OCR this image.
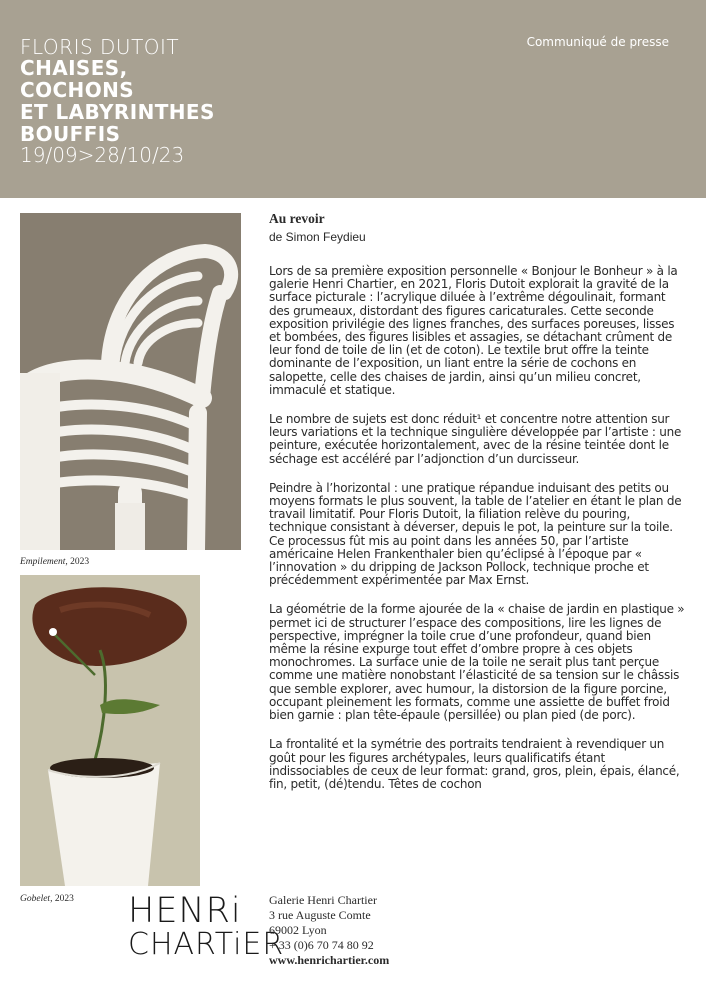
FLORIS DUTOIT
CHAISES,
COCHONS
ET LABYRINTHES
BOUFFIS
19/09>28/10/23
Communiqué de presse
Empilement, 2023
Gobelet, 2023
Au revoir
de Simon Feydieu
Lors de sa première exposition personnelle « Bonjour le Bonheur » à la galerie Henri Chartier, en 2021, Floris Dutoit explorait la gravité de la surface picturale : l’acrylique diluée à l’extrême dégoulinait, formant des grumeaux, distordant des figures caricaturales. Cette seconde exposition privilégie des lignes franches, des surfaces poreuses, lisses et bombées, des figures lisibles et assagies, se détachant crûment de leur fond de toile de lin (et de coton). Le textile brut offre la teinte dominante de l’exposition, un liant entre la série de cochons en salopette, celle des chaises de jardin, ainsi qu’un milieu concret, immaculé et statique.
Le nombre de sujets est donc réduit¹ et concentre notre attention sur leurs variations et la technique singulière développée par l’artiste : une peinture, exécutée horizontalement, avec de la résine teintée dont le séchage est accéléré par l’adjonction d’un durcisseur.
Peindre à l’horizontal : une pratique répandue induisant des petits ou moyens formats le plus souvent, la table de l’atelier en étant le plan de travail limitatif. Pour Floris Dutoit, la filiation relève du pouring, technique consistant à déverser, depuis le pot, la peinture sur la toile. Ce processus fût mis au point dans les années 50, par l’artiste américaine Helen Frankenthaler bien qu’éclipsé à l’époque par « l’innovation » du dripping de Jackson Pollock, technique proche et précédemment expérimentée par Max Ernst.
La géométrie de la forme ajourée de la « chaise de jardin en plastique » permet ici de structurer l’espace des compositions, lire les lignes de perspective, imprégner la toile crue d’une profondeur, quand bien même la résine expurge tout effet d’ombre propre à ces objets monochromes. La surface unie de la toile ne serait plus tant perçue comme une matière nonobstant l’élasticité de sa tension sur le châssis que semble explorer, avec humour, la distorsion de la figure porcine, occupant pleinement les formats, comme une assiette de buffet froid bien garnie : plan tête-épaule (persillée) ou plan pied (de porc).
La frontalité et la symétrie des portraits tendraient à revendiquer un goût pour les figures archétypales, leurs qualificatifs étant indissociables de ceux de leur format: grand, gros, plein, épais, élancé, fin, petit, (dé)tendu. Têtes de cochon
HENRi
CHARTiER
Galerie Henri Chartier
3 rue Auguste Comte
69002 Lyon
+ 33 (0)6 70 74 80 92
www.henrichartier.com
